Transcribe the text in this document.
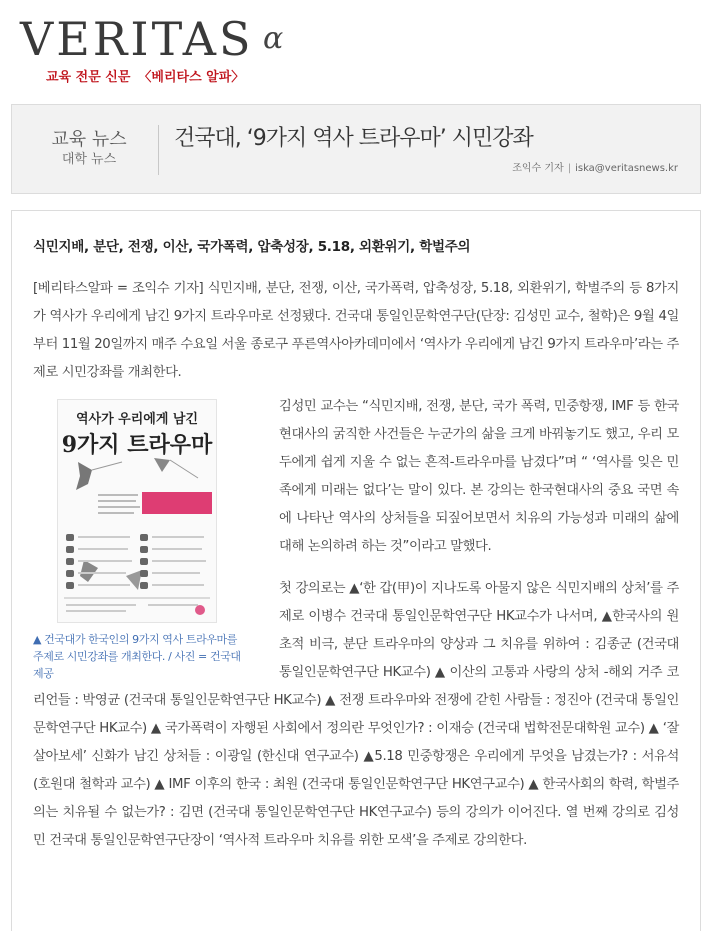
VERITAS α
교육 전문 신문 〈베리타스 알파〉
교육 뉴스
대학 뉴스
건국대, ‘9가지 역사 트라우마’ 시민강좌
조익수 기자 | iska@veritasnews.kr
식민지배, 분단, 전쟁, 이산, 국가폭력, 압축성장, 5.18, 외환위기, 학벌주의
[베리타스알파 = 조익수 기자] 식민지배, 분단, 전쟁, 이산, 국가폭력, 압축성장, 5.18, 외환위기, 학벌주의 등 8가지가 역사가 우리에게 남긴 9가지 트라우마로 선정됐다. 건국대 통일인문학연구단(단장: 김성민 교수, 철학)은 9월 4일부터 11월 20일까지 매주 수요일 서울 종로구 푸른역사아카데미에서 ‘역사가 우리에게 남긴 9가지 트라우마’라는 주제로 시민강좌를 개최한다.
역사가 우리에게 남긴
9가지 트라우마
▲ 건국대가 한국인의 9가지 역사 트라우마를 주제로 시민강좌를 개최한다. / 사진 = 건국대 제공

김성민 교수는 “식민지배, 전쟁, 분단, 국가 폭력, 민중항쟁, IMF 등 한국현대사의 굵직한 사건들은 누군가의 삶을 크게 바꿔놓기도 했고, 우리 모두에게 쉽게 지울 수 없는 흔적-트라우마를 남겼다”며 “ ‘역사를 잊은 민족에게 미래는 없다’는 말이 있다. 본 강의는 한국현대사의 중요 국면 속에 나타난 역사의 상처들을 되짚어보면서 치유의 가능성과 미래의 삶에 대해 논의하려 하는 것”이라고 말했다.

첫 강의로는 ▲‘한 갑(甲)이 지나도록 아물지 않은 식민지배의 상처’를 주제로 이병수 건국대 통일인문학연구단 HK교수가 나서며, ▲한국사의 원초적 비극, 분단 트라우마의 양상과 그 치유를 위하여 : 김종군 (건국대 통일인문학연구단 HK교수) ▲ 이산의 고통과 사랑의 상처 -해외 거주 코리언들 : 박영균 (건국대 통일인문학연구단 HK교수) ▲ 전쟁 트라우마와 전쟁에 갇힌 사람들 : 정진아 (건국대 통일인문학연구단 HK교수) ▲ 국가폭력이 자행된 사회에서 정의란 무엇인가? : 이재승 (건국대 법학전문대학원 교수) ▲ ‘잘살아보세’ 신화가 남긴 상처들 : 이광일 (한신대 연구교수) ▲5.18 민중항쟁은 우리에게 무엇을 남겼는가? : 서유석 (호원대 철학과 교수) ▲ IMF 이후의 한국 : 최원 (건국대 통일인문학연구단 HK연구교수) ▲ 한국사회의 학력, 학벌주의는 치유될 수 없는가? : 김면 (건국대 통일인문학연구단 HK연구교수) 등의 강의가 이어진다. 열 번째 강의로 김성민 건국대 통일인문학연구단장이 ‘역사적 트라우마 치유를 위한 모색’을 주제로 강의한다.
